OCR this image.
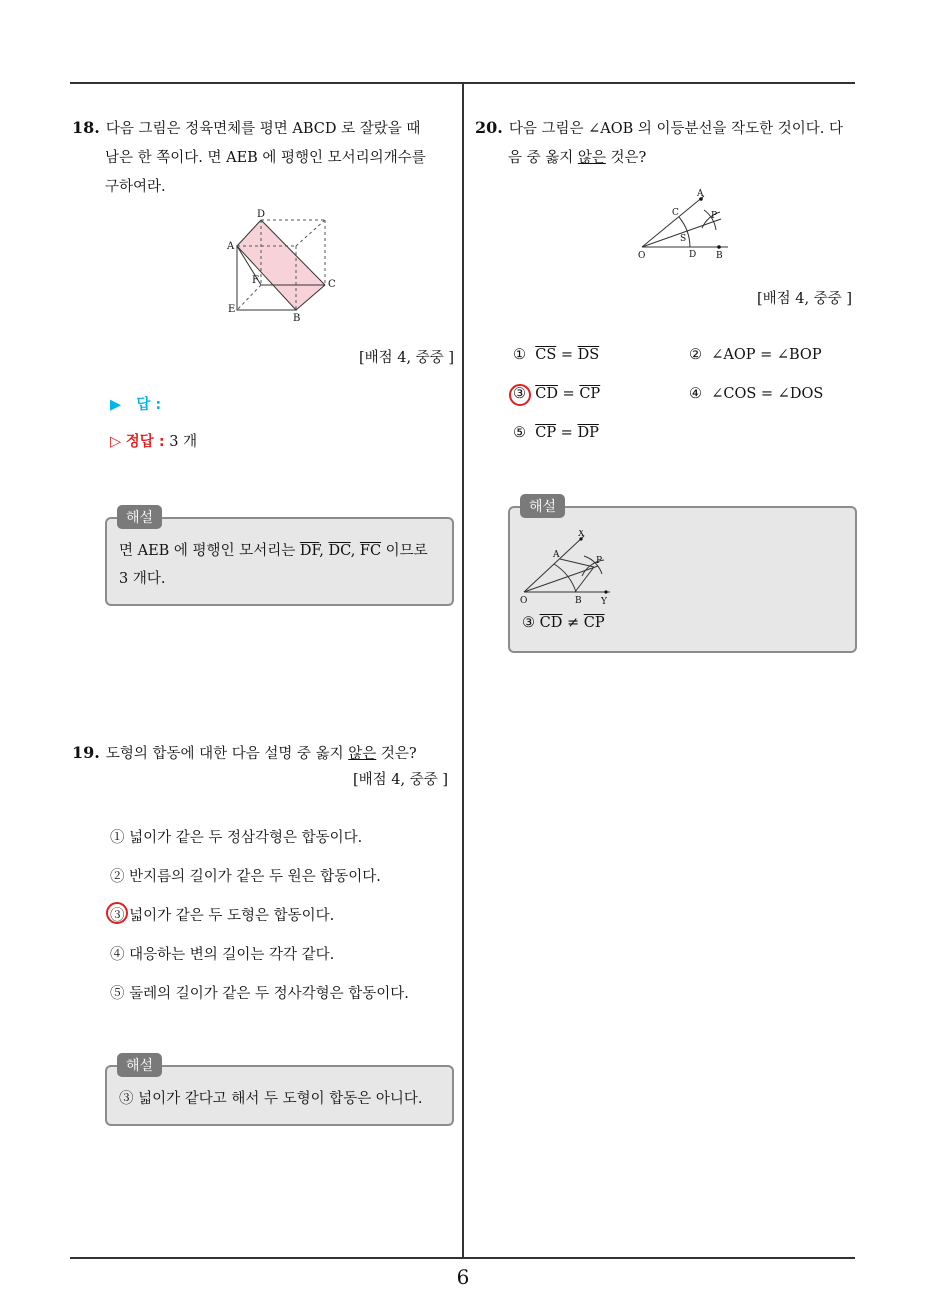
18. 다음 그림은 정육면체를 평면 ABCD 로 잘랐을 때
남은 한 쪽이다. 면 AEB 에 평행인 모서리의개수를
구하여라.
D
A
F	C
E
B
[배점 4, 중중 ]
▶ 답 :
▷ 정답 : 3 개
면 AEB 에 평행인 모서리는 $\overline{DF}$, $\overline{DC}$, $\overline{FC}$ 이므로
3 개다.
해설
19. 도형의 합동에 대한 다음 설명 중 옳지 않은 것은?
[배점 4, 중중 ]
① 넓이가 같은 두 정삼각형은 합동이다.
② 반지름의 길이가 같은 두 원은 합동이다.
③ 넓이가 같은 두 도형은 합동이다.
④ 대응하는 변의 길이는 각각 같다.
⑤ 둘레의 길이가 같은 두 정사각형은 합동이다.
③ 넓이가 같다고 해서 두 도형이 합동은 아니다.
해설
20. 다음 그림은 ∠AOB 의 이등분선을 작도한 것이다. 다
음 중 옳지 않은 것은?
A
C	P
S
O	D B
[배점 4, 중중 ]
① $\overline{CS} = \overline{DS}$	② ∠AOP = ∠BOP
③ $\overline{CD} = \overline{CP}$	④ ∠COS = ∠DOS
⑤ $\overline{CP} = \overline{DP}$
X
A
P
O	B Y
③ $\overline{CD} \ne \overline{CP}$
해설
6
